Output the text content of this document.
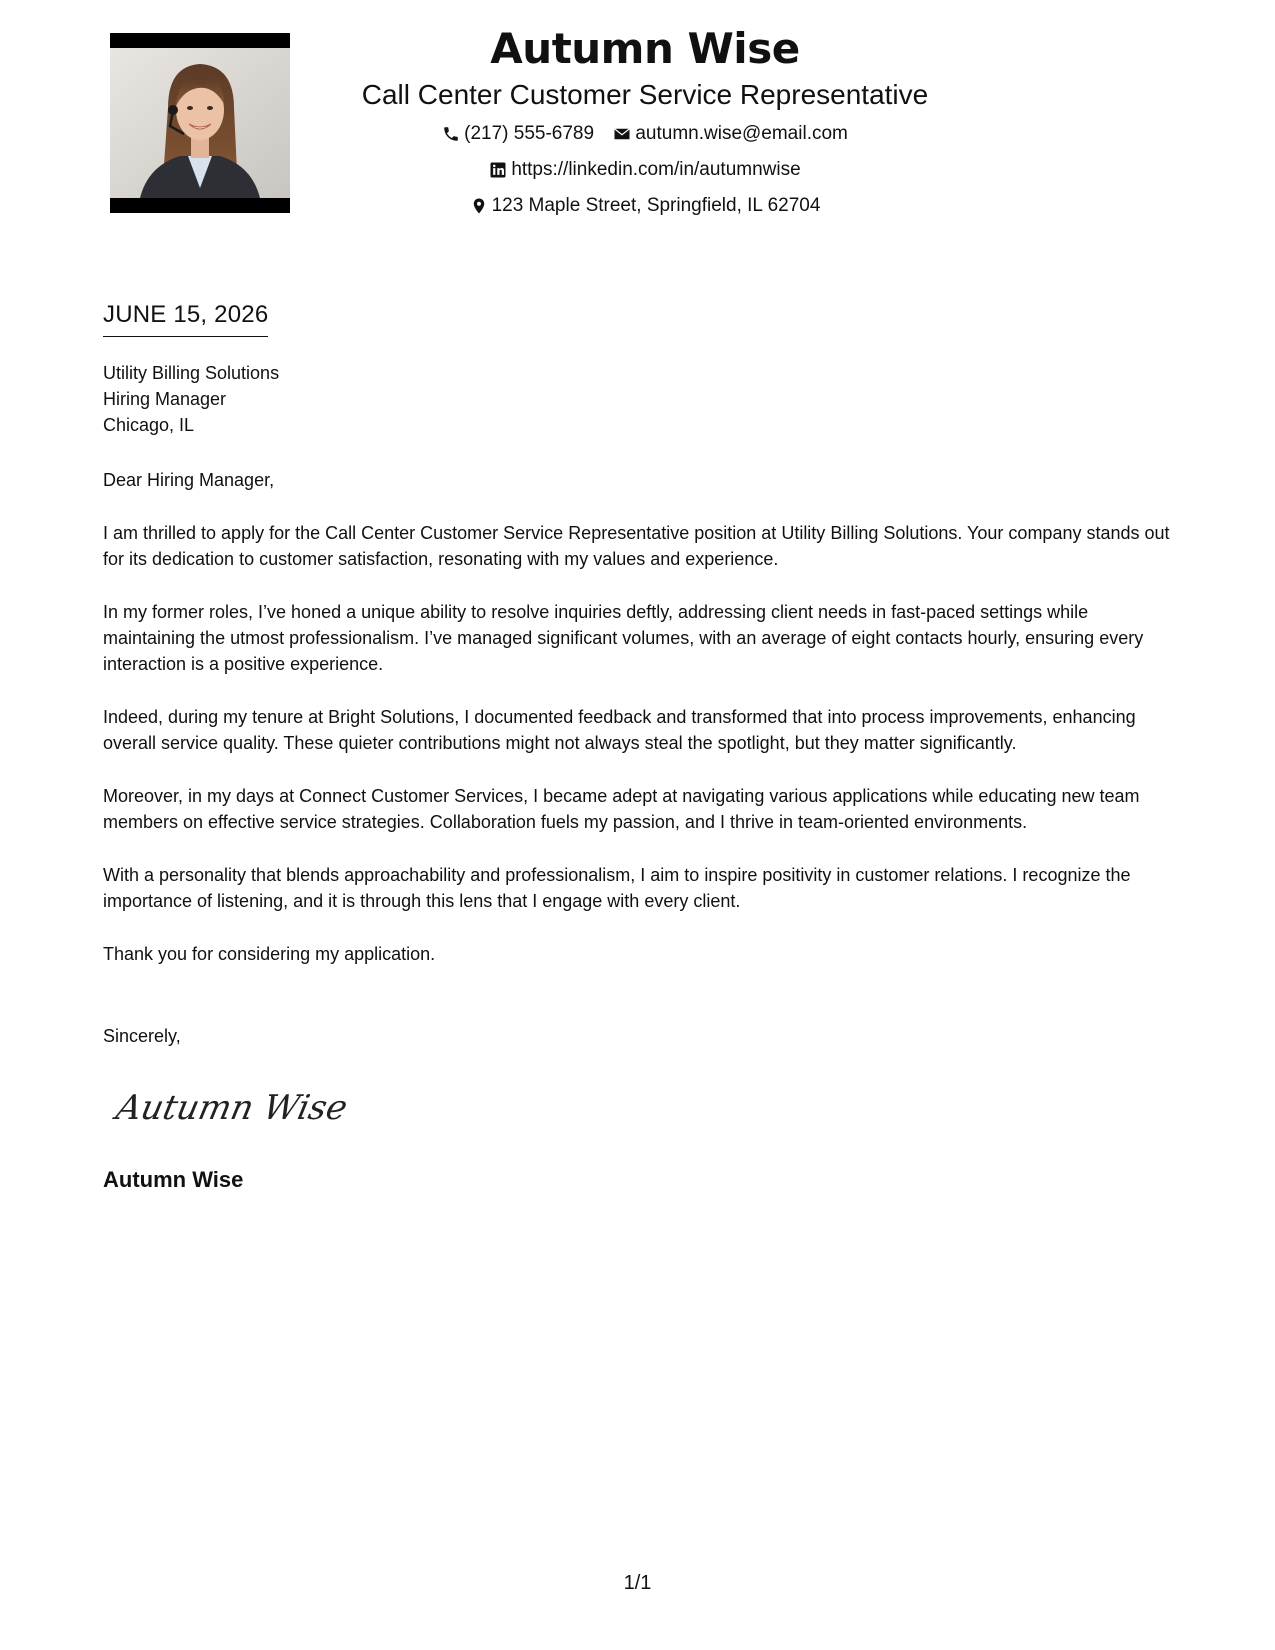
Autumn Wise
Call Center Customer Service Representative
(217) 555-6789
autumn.wise@email.com
https://linkedin.com/in/autumnwise
123 Maple Street, Springfield, IL 62704
JUNE 15, 2026
Utility Billing Solutions
Hiring Manager
Chicago, IL

Dear Hiring Manager,

I am thrilled to apply for the Call Center Customer Service Representative position at Utility Billing Solutions. Your company stands out for its dedication to customer satisfaction, resonating with my values and experience.

In my former roles, I’ve honed a unique ability to resolve inquiries deftly, addressing client needs in fast-paced settings while maintaining the utmost professionalism. I’ve managed significant volumes, with an average of eight contacts hourly, ensuring every interaction is a positive experience.

Indeed, during my tenure at Bright Solutions, I documented feedback and transformed that into process improvements, enhancing overall service quality. These quieter contributions might not always steal the spotlight, but they matter significantly.

Moreover, in my days at Connect Customer Services, I became adept at navigating various applications while educating new team members on effective service strategies. Collaboration fuels my passion, and I thrive in team-oriented environments.

With a personality that blends approachability and professionalism, I aim to inspire positivity in customer relations. I recognize the importance of listening, and it is through this lens that I engage with every client.

Thank you for considering my application.

Sincerely,
Autumn Wise
Autumn Wise
1/1
